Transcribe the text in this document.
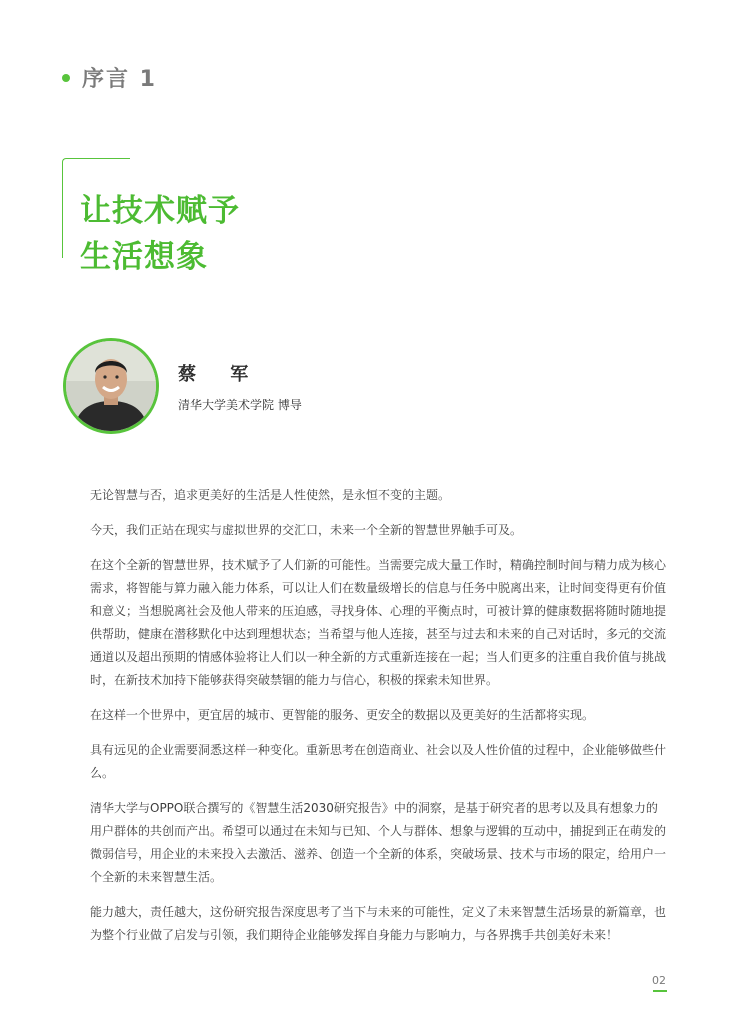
序言 1
让技术赋予
生活想象
蔡 军
清华大学美术学院 博导

无论智慧与否，追求更美好的生活是人性使然，是永恒不变的主题。

今天，我们正站在现实与虚拟世界的交汇口，未来一个全新的智慧世界触手可及。

在这个全新的智慧世界，技术赋予了人们新的可能性。当需要完成大量工作时，精确控制时间与精力成为核心需求，将智能与算力融入能力体系，可以让人们在数量级增长的信息与任务中脱离出来，让时间变得更有价值和意义；当想脱离社会及他人带来的压迫感，寻找身体、心理的平衡点时，可被计算的健康数据将随时随地提供帮助，健康在潜移默化中达到理想状态；当希望与他人连接，甚至与过去和未来的自己对话时，多元的交流通道以及超出预期的情感体验将让人们以一种全新的方式重新连接在一起；当人们更多的注重自我价值与挑战时，在新技术加持下能够获得突破禁锢的能力与信心，积极的探索未知世界。

在这样一个世界中，更宜居的城市、更智能的服务、更安全的数据以及更美好的生活都将实现。

具有远见的企业需要洞悉这样一种变化。重新思考在创造商业、社会以及人性价值的过程中，企业能够做些什么。

清华大学与OPPO联合撰写的《智慧生活2030研究报告》中的洞察，是基于研究者的思考以及具有想象力的用户群体的共创而产出。希望可以通过在未知与已知、个人与群体、想象与逻辑的互动中，捕捉到正在萌发的微弱信号，用企业的未来投入去激活、滋养、创造一个全新的体系，突破场景、技术与市场的限定，给用户一个全新的未来智慧生活。

能力越大，责任越大，这份研究报告深度思考了当下与未来的可能性，定义了未来智慧生活场景的新篇章，也为整个行业做了启发与引领，我们期待企业能够发挥自身能力与影响力，与各界携手共创美好未来！

02
